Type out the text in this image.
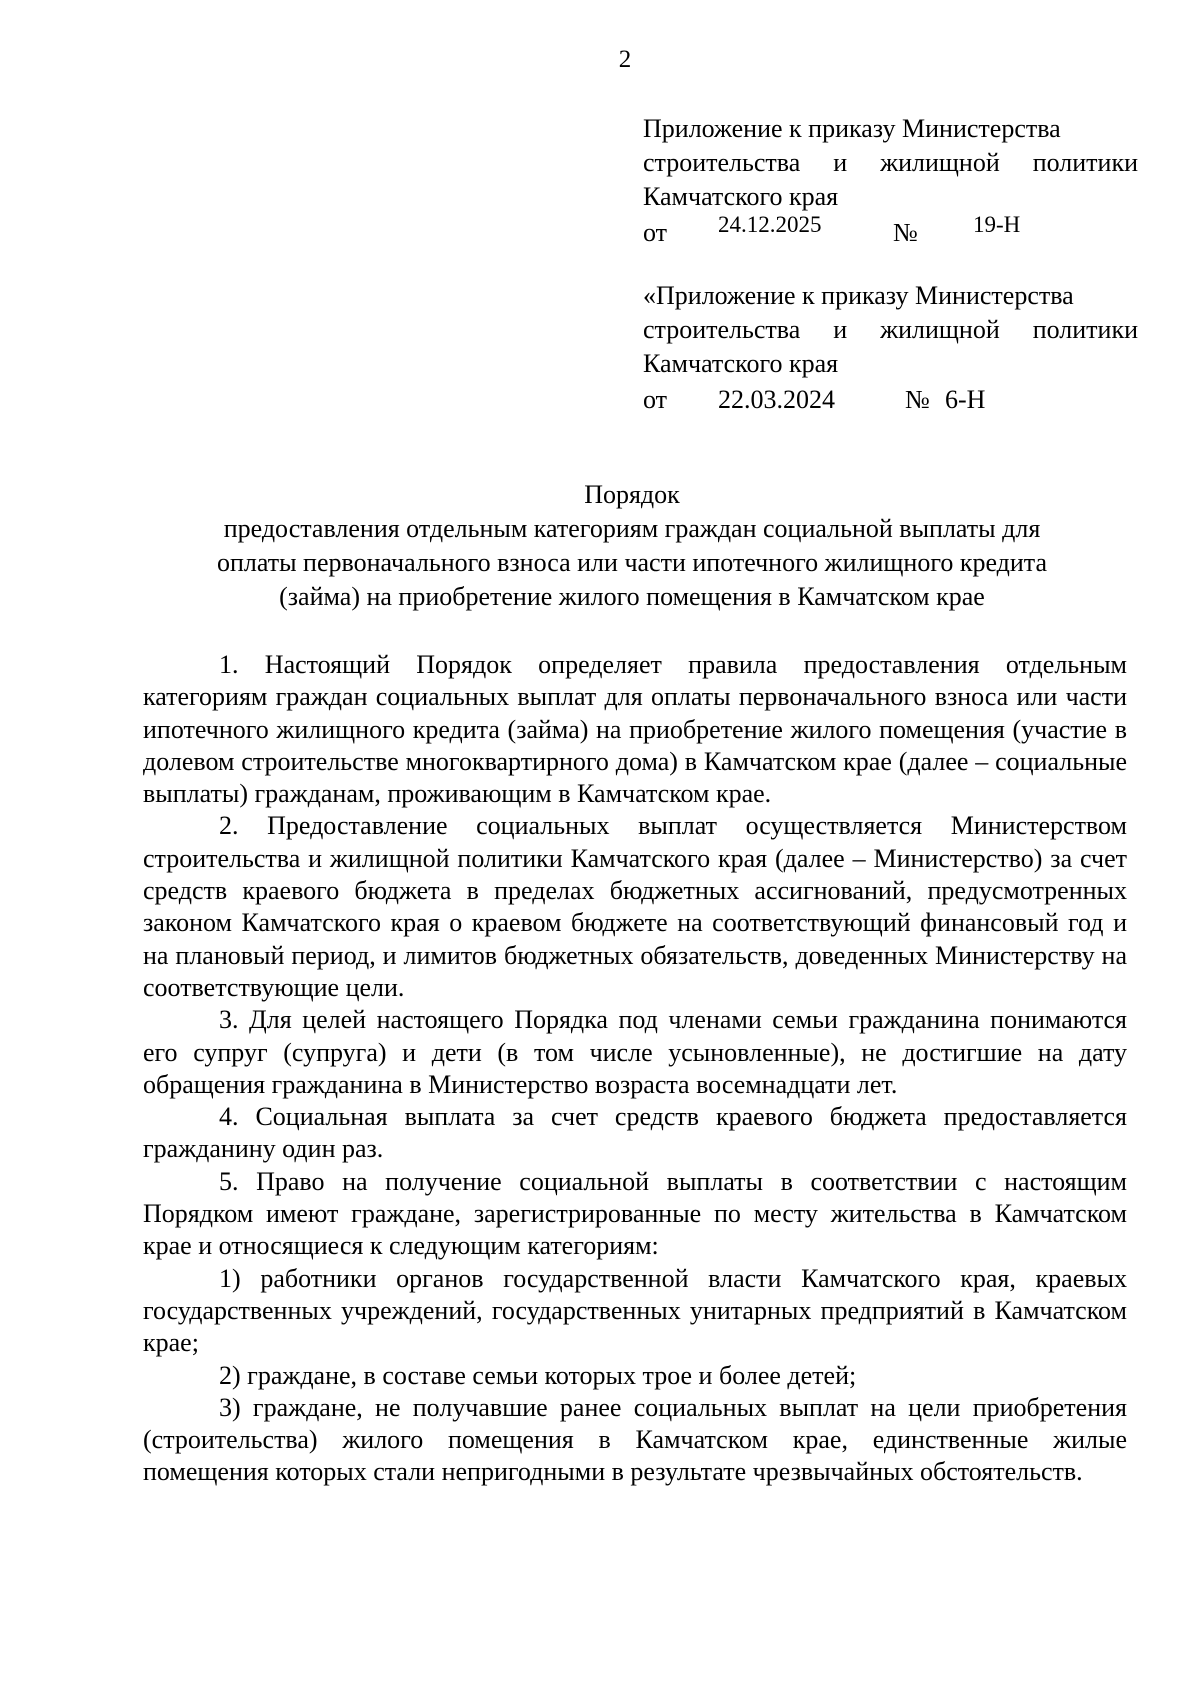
2
Приложение к приказу Министерства
строительства и жилищной политики
Камчатского края
от 24.12.2025	№ 19-Н
«Приложение к приказу Министерства
строительства и жилищной политики
Камчатского края
от 22.03.2024	№ 6-Н
Порядок
предоставления отдельным категориям граждан социальной выплаты для
оплаты первоначального взноса или части ипотечного жилищного кредита
(займа) на приобретение жилого помещения в Камчатском крае

1. Настоящий Порядок определяет правила предоставления отдельным категориям граждан социальных выплат для оплаты первоначального взноса или части ипотечного жилищного кредита (займа) на приобретение жилого помещения (участие в долевом строительстве многоквартирного дома) в Камчатском крае (далее – социальные выплаты) гражданам, проживающим в Камчатском крае.

2. Предоставление социальных выплат осуществляется Министерством строительства и жилищной политики Камчатского края (далее – Министерство) за счет средств краевого бюджета в пределах бюджетных ассигнований, предусмотренных законом Камчатского края о краевом бюджете на соответствующий финансовый год и на плановый период, и лимитов бюджетных обязательств, доведенных Министерству на соответствующие цели.

3. Для целей настоящего Порядка под членами семьи гражданина понимаются его супруг (супруга) и дети (в том числе усыновленные), не достигшие на дату обращения гражданина в Министерство возраста восемнадцати лет.

4. Социальная выплата за счет средств краевого бюджета предоставляется гражданину один раз.

5. Право на получение социальной выплаты в соответствии с настоящим Порядком имеют граждане, зарегистрированные по месту жительства в Камчатском крае и относящиеся к следующим категориям:

1) работники органов государственной власти Камчатского края, краевых государственных учреждений, государственных унитарных предприятий в Камчатском крае;

2) граждане, в составе семьи которых трое и более детей;

3) граждане, не получавшие ранее социальных выплат на цели приобретения (строительства) жилого помещения в Камчатском крае, единственные жилые помещения которых стали непригодными в результате чрезвычайных обстоятельств.
